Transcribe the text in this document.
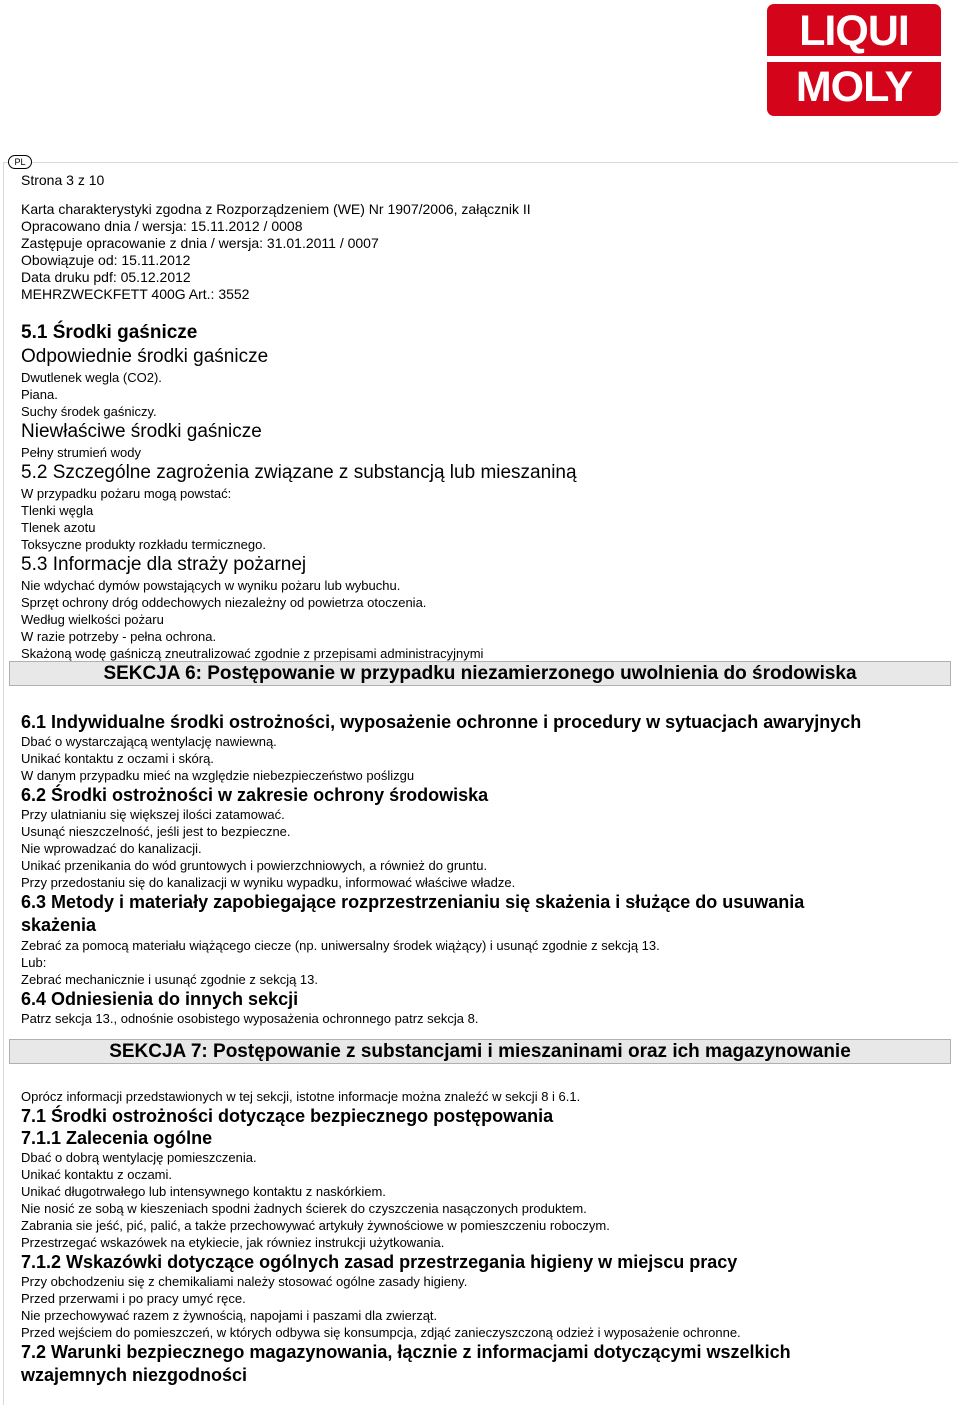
LIQUI
MOLY
PL
Strona 3 z 10
Karta charakterystyki zgodna z Rozporządzeniem (WE) Nr 1907/2006, załącznik II
Opracowano dnia / wersja: 15.11.2012 / 0008
Zastępuje opracowanie z dnia / wersja: 31.01.2011 / 0007
Obowiązuje od: 15.11.2012
Data druku pdf: 05.12.2012
MEHRZWECKFETT 400G Art.: 3552
5.1 Środki gaśnicze
Odpowiednie środki gaśnicze
Dwutlenek wegla (CO2).
Piana.
Suchy środek gaśniczy.
Niewłaściwe środki gaśnicze
Pełny strumień wody
5.2 Szczególne zagrożenia związane z substancją lub mieszaniną
W przypadku pożaru mogą powstać:
Tlenki węgla
Tlenek azotu
Toksyczne produkty rozkładu termicznego.
5.3 Informacje dla straży pożarnej
Nie wdychać dymów powstających w wyniku pożaru lub wybuchu.
Sprzęt ochrony dróg oddechowych niezależny od powietrza otoczenia.
Według wielkości pożaru
W razie potrzeby - pełna ochrona.
Skażoną wodę gaśniczą zneutralizować zgodnie z przepisami administracyjnymi
SEKCJA 6: Postępowanie w przypadku niezamierzonego uwolnienia do środowiska
6.1 Indywidualne środki ostrożności, wyposażenie ochronne i procedury w sytuacjach awaryjnych
Dbać o wystarczającą wentylację nawiewną.
Unikać kontaktu z oczami i skórą.
W danym przypadku mieć na względzie niebezpieczeństwo poślizgu
6.2 Środki ostrożności w zakresie ochrony środowiska
Przy ulatnianiu się większej ilości zatamować.
Usunąć nieszczelność, jeśli jest to bezpieczne.
Nie wprowadzać do kanalizacji.
Unikać przenikania do wód gruntowych i powierzchniowych, a również do gruntu.
Przy przedostaniu się do kanalizacji w wyniku wypadku, informować właściwe władze.
6.3 Metody i materiały zapobiegające rozprzestrzenianiu się skażenia i służące do usuwania
skażenia
Zebrać za pomocą materiału wiążącego ciecze (np. uniwersalny środek wiążący) i usunąć zgodnie z sekcją 13.
Lub:
Zebrać mechanicznie i usunąć zgodnie z sekcją 13.
6.4 Odniesienia do innych sekcji
Patrz sekcja 13., odnośnie osobistego wyposażenia ochronnego patrz sekcja 8.
SEKCJA 7: Postępowanie z substancjami i mieszaninami oraz ich magazynowanie
Oprócz informacji przedstawionych w tej sekcji, istotne informacje można znaleźć w sekcji 8 i 6.1.
7.1 Środki ostrożności dotyczące bezpiecznego postępowania
7.1.1 Zalecenia ogólne
Dbać o dobrą wentylację pomieszczenia.
Unikać kontaktu z oczami.
Unikać długotrwałego lub intensywnego kontaktu z naskórkiem.
Nie nosić ze sobą w kieszeniach spodni żadnych ścierek do czyszczenia nasączonych produktem.
Zabrania sie jeść, pić, palić, a także przechowywać artykuły żywnościowe w pomieszczeniu roboczym.
Przestrzegać wskazówek na etykiecie, jak równiez instrukcji użytkowania.
7.1.2 Wskazówki dotyczące ogólnych zasad przestrzegania higieny w miejscu pracy
Przy obchodzeniu się z chemikaliami należy stosować ogólne zasady higieny.
Przed przerwami i po pracy umyć ręce.
Nie przechowywać razem z żywnością, napojami i paszami dla zwierząt.
Przed wejściem do pomieszczeń, w których odbywa się konsumpcja, zdjąć zanieczyszczoną odzież i wyposażenie ochronne.
7.2 Warunki bezpiecznego magazynowania, łącznie z informacjami dotyczącymi wszelkich
wzajemnych niezgodności
